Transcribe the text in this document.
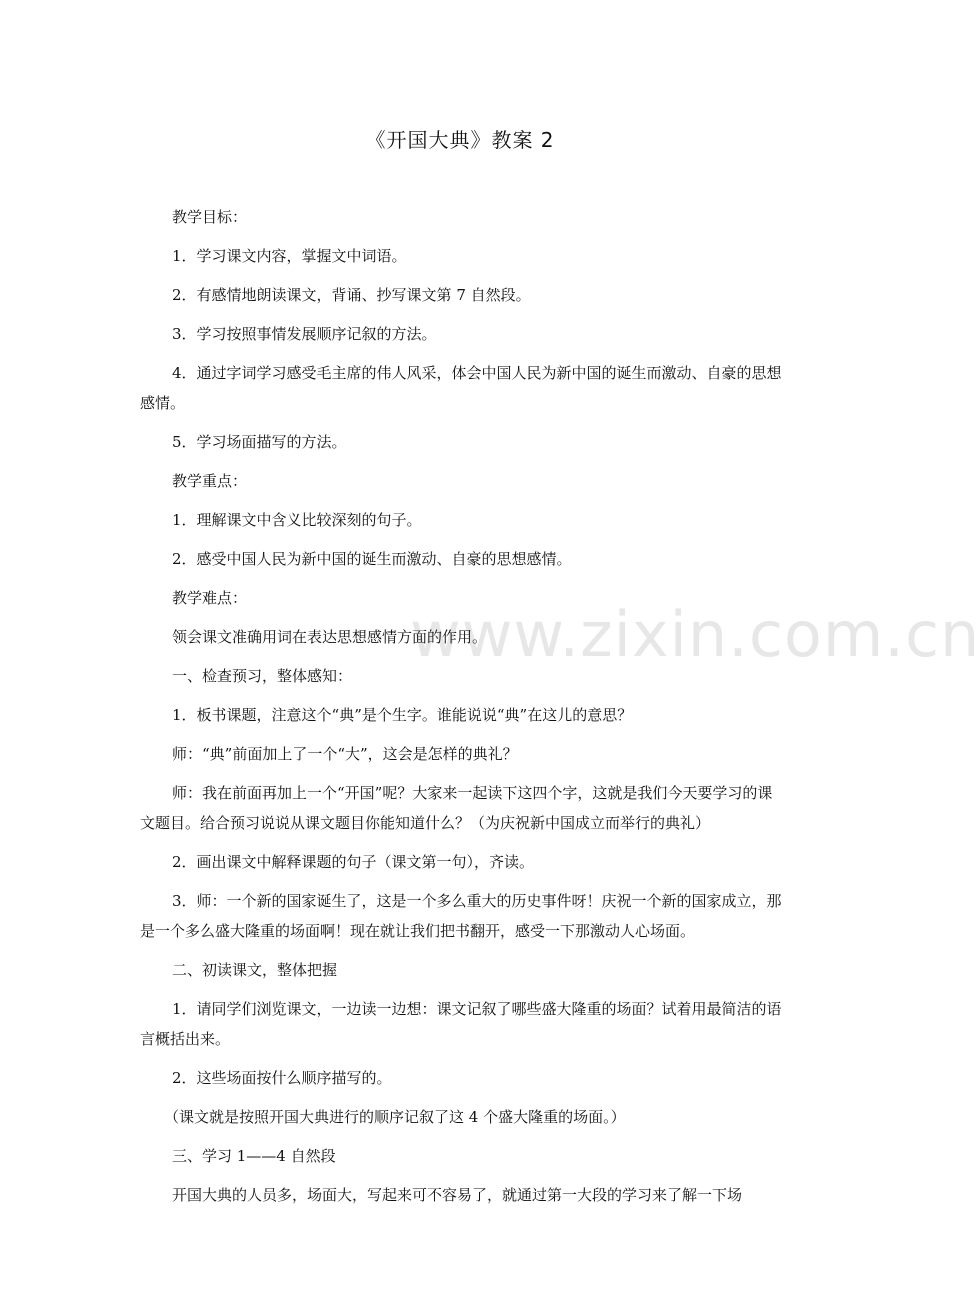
《开国大典》教案 2
www.zixin.com.cn

教学目标：

1．学习课文内容，掌握文中词语。

2．有感情地朗读课文，背诵、抄写课文第 7 自然段。

3．学习按照事情发展顺序记叙的方法。

4．通过字词学习感受毛主席的伟人风采，体会中国人民为新中国的诞生而激动、自豪的思想感情。

5．学习场面描写的方法。

教学重点：

1．理解课文中含义比较深刻的句子。

2．感受中国人民为新中国的诞生而激动、自豪的思想感情。

教学难点：

领会课文准确用词在表达思想感情方面的作用。

一、检查预习，整体感知：

1．板书课题，注意这个“典”是个生字。谁能说说“典”在这儿的意思？

师：“典”前面加上了一个“大”，这会是怎样的典礼？

师：我在前面再加上一个“开国”呢？大家来一起读下这四个字，这就是我们今天要学习的课文题目。给合预习说说从课文题目你能知道什么？（为庆祝新中国成立而举行的典礼）

2．画出课文中解释课题的句子（课文第一句），齐读。

3．师：一个新的国家诞生了，这是一个多么重大的历史事件呀！庆祝一个新的国家成立，那是一个多么盛大隆重的场面啊！现在就让我们把书翻开，感受一下那激动人心场面。

二、初读课文，整体把握

1．请同学们浏览课文，一边读一边想：课文记叙了哪些盛大隆重的场面？试着用最简洁的语言概括出来。

2．这些场面按什么顺序描写的。

（课文就是按照开国大典进行的顺序记叙了这 4 个盛大隆重的场面。）

三、学习 1——4 自然段

开国大典的人员多，场面大，写起来可不容易了，就通过第一大段的学习来了解一下场
